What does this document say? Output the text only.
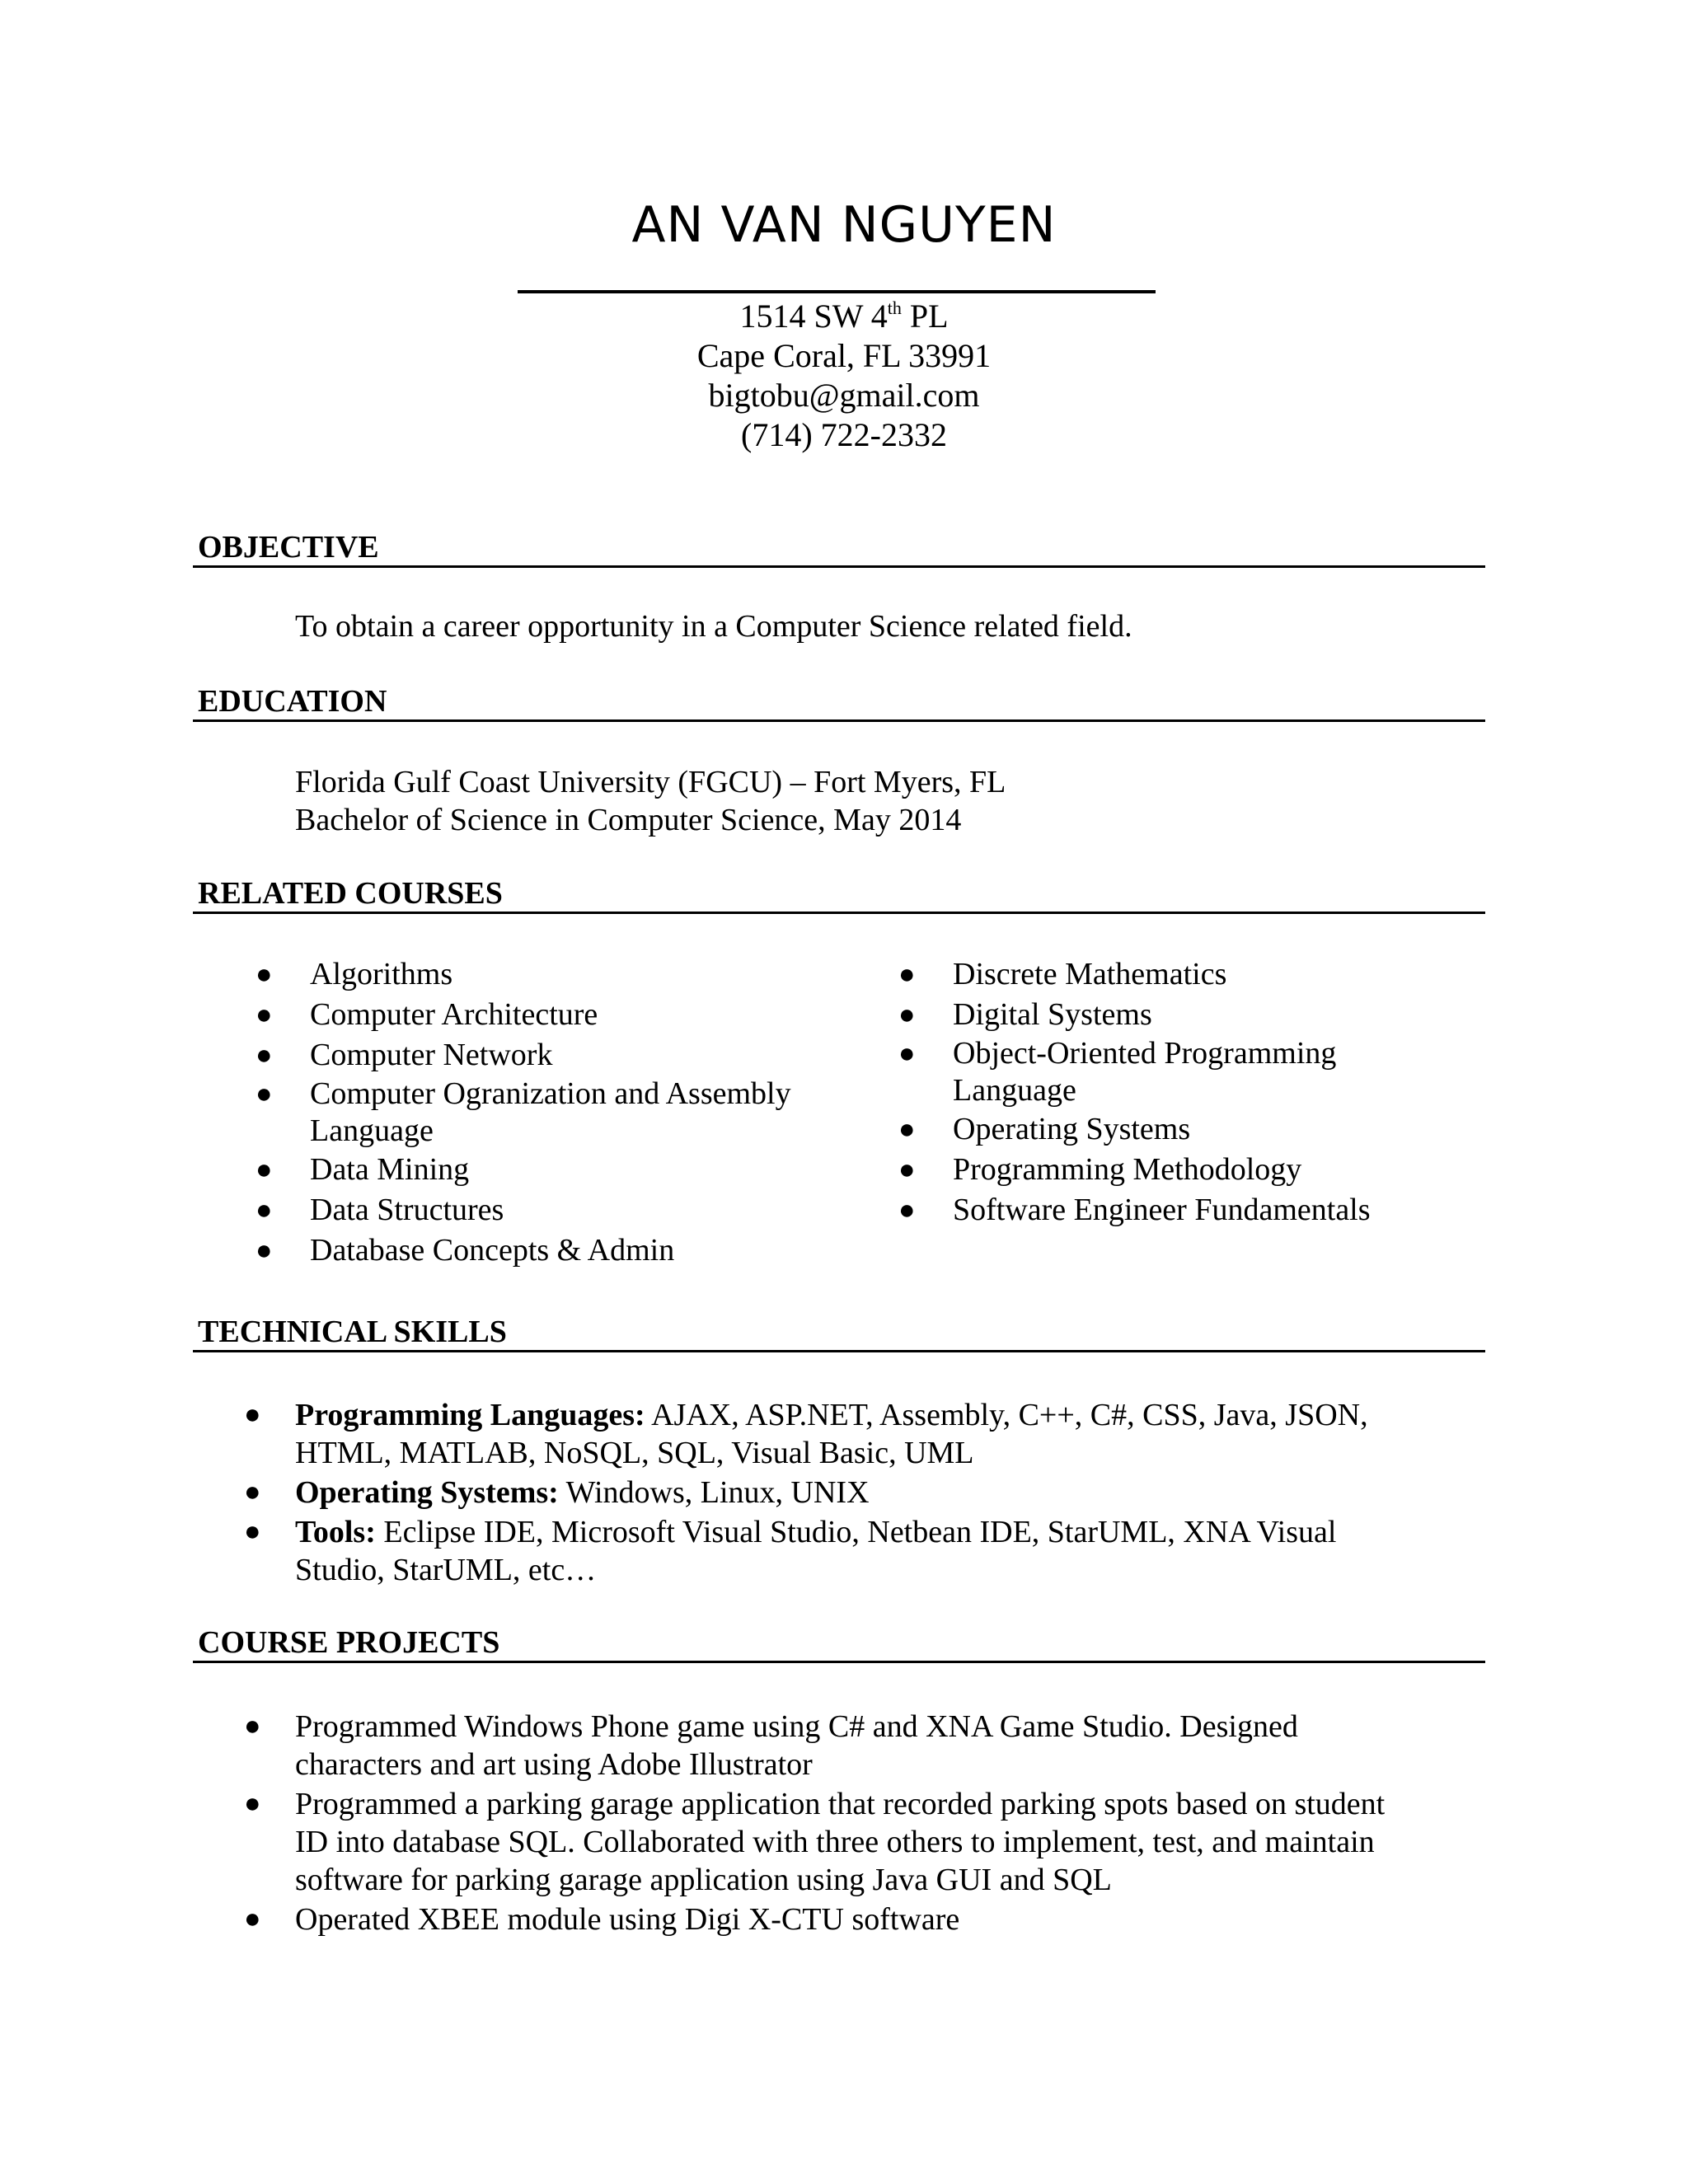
AN VAN NGUYEN
1514 SW 4th PL
Cape Coral, FL 33991
bigtobu@gmail.com
(714) 722-2332
OBJECTIVE
To obtain a career opportunity in a Computer Science related field.
EDUCATION
Florida Gulf Coast University (FGCU) – Fort Myers, FL
Bachelor of Science in Computer Science, May 2014
RELATED COURSES
● Algorithms
● Computer Architecture
● Computer Network
● Computer Ogranization and Assembly Language
● Data Mining
● Data Structures
● Database Concepts & Admin
● Discrete Mathematics
● Digital Systems
● Object-Oriented Programming Language
● Operating Systems
● Programming Methodology
● Software Engineer Fundamentals
TECHNICAL SKILLS
● Programming Languages: AJAX, ASP.NET, Assembly, C++, C#, CSS, Java, JSON, HTML, MATLAB, NoSQL, SQL, Visual Basic, UML
● Operating Systems: Windows, Linux, UNIX
● Tools: Eclipse IDE, Microsoft Visual Studio, Netbean IDE, StarUML, XNA Visual Studio, StarUML, etc…
COURSE PROJECTS
● Programmed Windows Phone game using C# and XNA Game Studio. Designed characters and art using Adobe Illustrator
● Programmed a parking garage application that recorded parking spots based on student ID into database SQL. Collaborated with three others to implement, test, and maintain software for parking garage application using Java GUI and SQL
● Operated XBEE module using Digi X-CTU software
